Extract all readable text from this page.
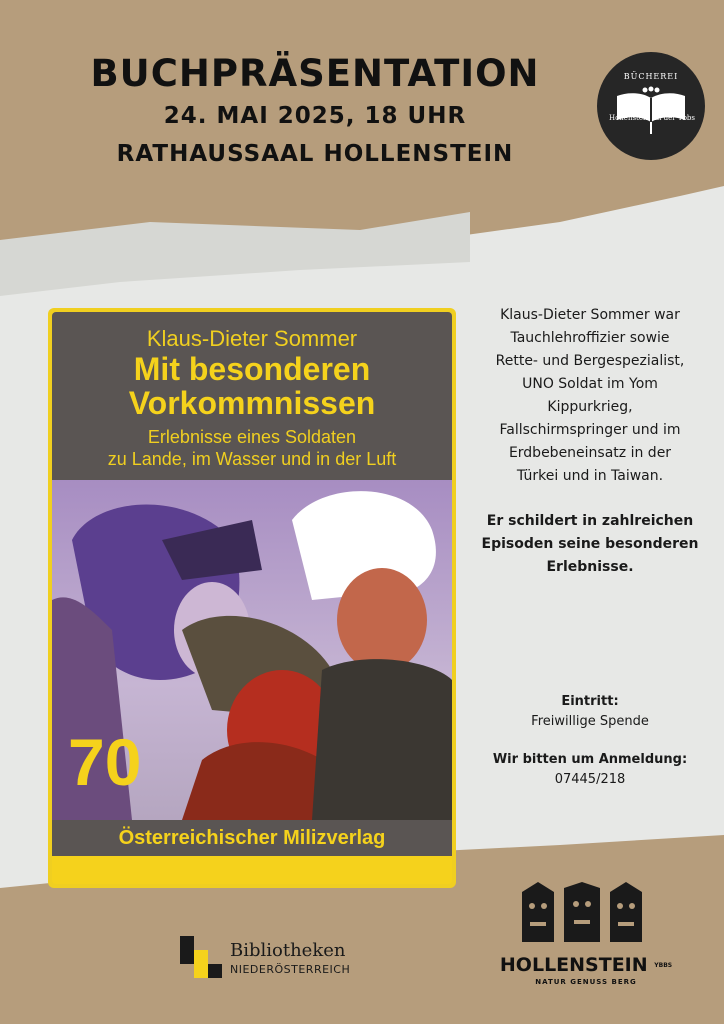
BUCHPRÄSENTATION
24. MAI 2025, 18 UHR
RATHAUSSAAL HOLLENSTEIN
BÜCHEREI
Hollenstein an der Ybbs
Klaus-Dieter Sommer
Mit besonderen
Vorkommnissen
Erlebnisse eines Soldaten
zu Lande, im Wasser und in der Luft
70
Österreichischer Milizverlag
Klaus-Dieter Sommer war
Tauchlehroffizier sowie
Rette- und Bergespezialist,
UNO Soldat im Yom
Kippurkrieg,
Fallschirmspringer und im
Erdbebeneinsatz in der
Türkei und in Taiwan.
Er schildert in zahlreichen
Episoden seine besonderen
Erlebnisse.
Eintritt:
Freiwillige Spende
Wir bitten um Anmeldung:
07445/218
Bibliotheken
NIEDERÖSTERREICH	HOLLENSTEIN YBBS
NATUR GENUSS BERG
